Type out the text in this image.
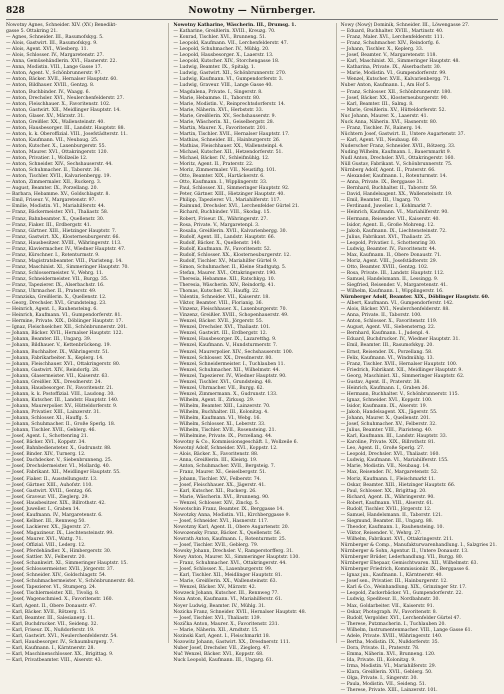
828	Nowotny — Nürnberger.
Nowotny Agnes, Schneider. XIV. (XV.) Benedikt-
gasse 5. Ottakring 21.
— Agnes, Schneider. III., Rasumofskyg. 5.
— Alois, Gastwirt. III., Rasumofskyg. 9.
— Alois, Agent. XVI., Wiesberg. 11.
— Alois, Schlosser. IV., Margaretenstr. 27.
— Anna, Gemüsehändlerin. XVI., Hasnerstr. 22.
— Anna, Modistin. VIII., Lange Gasse 17.
— Anton, Agent. V., Schönbrunnerstr. 97.
— Anton, Bäcker. XVII., Hernalser Hauptstr. 60.
— Anton, Bildhauer. XVIII., Gentzg. 8.
— Anton, Buchbinder. IV., Waagg. 6.
— Anton, Drechsler. XVI., Neulerchenfelderstr. 27.
— Anton, Fleischhauer. X., Favoritenstr. 102.
— Anton, Gastwirt. XII., Meidlinger Hauptstr. 14.
— Anton, Glaser. XV., Märzstr. 31.
— Anton, Greißler. XX., Wallensteinstr. 40.
— Anton, Hausbesorger. III., Landstr. Hauptstr. 88.
— Anton, k. k. Oberoffizial. VIII., Josefstädterstr. 11.
— Anton, Kaufmann. VII., Neubaug. 25.
— Anton, Kutscher. X., Laxenburgerstr. 55.
— Anton, Maurer. XVI., Ottakringerstr. 120.
— Anton, Privatier. I., Wollzeile 12.
— Anton, Schneider. XIV., Sechshauserstr. 44.
— Anton, Schuhmacher. II., Taborstr. 36.
— Anton, Tischler. XVII., Kalvarienbergg. 19.
— Anton, Zimmermaler. XII., Ruckerg. 3.
— August, Beamter. IX., Porzellang. 20.
— Barbara, Hebamme. XV., Goldschlagstr. 8.
— Emil, Friseur. V., Margaretenstr. 97.
— Emilie, Modistin. VI., Mariahilferstr. 44.
— Franz, Bäckermeister. XVI., Thaliastr. 58.
— Franz, Bahnbeamter. X., Quellenstr. 30.
— Franz, Fiaker. III., Erdbergstr. 41.
— Franz, Gärtner. XIII., Hietzinger Hauptstr. 7.
— Franz, Gastwirt. XX., Klosterneuburgerstr. 66.
— Franz, Hausbesitzer. XVIII., Währingerstr. 113.
— Franz, Klaviermacher. IV., Wiedner Hauptstr. 47.
— Franz, Kürschner. I., Rotenturmstr. 9.
— Franz, Magistratsbeamter. VIII., Piaristeng. 14.
— Franz, Maschinist. XI., Simmeringer Hauptstr. 70.
— Franz, Schlossermeister. V., Wehrg. 11.
— Franz, Schneidermeister. VII., Burgg. 35.
— Franz, Tapezierer. IX., Alserbachstr. 16.
— Franz, Uhrmacher. II., Praterstr. 49.
— Franziska, Greißlerin. X., Quellenstr. 12.
— Georg, Drechsler. XVI., Grundsteing. 23.
— Heinrich, Agent. I., Rauhensteing. 6.
— Heinrich, Kaufmann. VI., Gumpendorferstr. 81.
— Hermine, Private. XIX., Döblinger Hauptstr. 17.
— Ignaz, Fleischselcher. XII., Schönbrunnerstr. 201.
— Johann, Bäcker. XVII., Hernalser Hauptstr. 122.
— Johann, Beamter. III., Ungarg. 39.
— Johann, Bildhauer. V., Kettenbrückeng. 19.
— Johann, Buchhalter. IX., Währingerstr. 51.
— Johann, Fabrikarbeiter. X., Keplerg. 14.
— Johann, Fleischhauer. XVI., Ottakringerstr. 80.
— Johann, Gastwirt. XIV., Reindorfg. 28.
— Johann, Glasermeister. VII., Kaiserstr. 63.
— Johann, Greißler. XX., Dresdnerstr. 24.
— Johann, Hausbesorger. IV., Favoritenstr. 21.
— Johann, k. k. Postoffizial. VIII., Laudong. 30.
— Johann, Kutscher. III., Landstr. Hauptstr. 140.
— Johann, Maurerpolier. XV., Hütteldorferstr. 9.
— Johann, Privatier. XIII., Lainzerstr. 31.
— Johann, Schlosser. XI., Hauffg. 5.
— Johann, Schuhmacher. II., Große Sperlg. 18.
— Johann, Tischler. XVII., Geblerg. 46.
— Josef, Agent. I., Schottenring 21.
— Josef, Bäcker. XVI., Koppstr. 34.
— Josef, Bahnbediensteter. X., Gudrunstr. 88.
— Josef, Binder. XIV., Turnerg. 12.
— Josef, Dachdecker. V., Siebenbrunneng. 25.
— Josef, Drechslermeister. VI., Mollardg. 40.
— Josef, Fabrikant. XII., Meidlinger Hauptstr. 55.
— Josef, Fiaker. II., Ausstellungsstr. 13.
— Josef, Gärtner. XIII., Auhofstr. 110.
— Josef, Gastwirt. XVIII., Gentzg. 66.
— Josef, Graveur. VII., Zieglerg. 29.
— Josef, Hausbesitzer. XIX., Billrothstr. 42.
— Josef, Juwelier. I., Graben 14.
— Josef, Kaufmann. IV., Margaretenstr. 6.
— Josef, Kellner. III., Rennweg 50.
— Josef, Lackierer. XX., Jägerstr. 27.
— Josef, Magazineur. IX., Liechtensteinstr. 99.
— Josef, Maurer. XVI., Wattg. 71.
— Josef, Offizial. VIII., Lederg. 12.
— Josef, Pferdehändler. X., Himbergerstr. 30.
— Josef, Sattler. XV., Felberstr. 20.
— Josef, Schankwirt. XI., Simmeringer Hauptstr. 15.
— Josef, Schlossermeister. XVII., Jörgerstr. 37.
— Josef, Schneider. XIV., Goldschlagstr. 54.
— Josef, Schuhmachermeister. V., Schönbrunnerstr. 60.
— Josef, Tapezierer. VI., Stumperg. 24.
— Josef, Tischlermeister. XII., Tivolig. 8.
— Josef, Wagenschmied. X., Favoritenstr. 160.
— Karl, Agent. II., Obere Donaustr. 47.
— Karl, Bäcker. XVII., Rötzerg. 15.
— Karl, Beamter. III., Salesianerg. 11.
— Karl, Buchdrucker. VII., Seideng. 32.
— Karl, Friseur. IX., Nußdorferstr. 19.
— Karl, Gastwirt. XVI., Neulerchenfelderstr. 54.
— Karl, Hausbesorger. IV., Schaumburgerg. 7.
— Karl, Kaufmann. I., Kärntnerstr. 28.
— Karl, Maschinenschlosser. XX., Brigittag. 9.
— Karl, Privatbeamter. VIII., Alserstr. 43.
Nowotny Katharine, Wäscherin. III., Drumsg. 1.
— Katharine, Greißlerin. XVIII., Kreuzg. 70.
— Konrad, Tischler. XVI., Brunneng. 51.
— Leopold, Kaufmann. VII., Lerchenfelderstr. 47.
— Leopold, Schuhmacher. IV., Mühlg. 20.
— Leopold, Hausbesorger. X., Laaerstr. 13.
— Leopold, Kutscher. XIV., Storchengasse 18.
— Ludwig, Beamter. IX., Spitalg. 1.
— Ludwig, Gastwirt. XII., Schönbrunnerstr. 270.
— Ludwig, Kaufmann. VI., Gumpendorferstr. 3.
— Ludwig, Graveur. VIII., Lange Gasse 40.
— Magdalena, Private. I., Singerstr. 8.
— Marie, Hebamme. II., Taborstr. 80.
— Marie, Modistin. V., Reinprechtsdorferstr. 14.
— Marie, Näherin. XVI., Herbststr. 33.
— Marie, Greißlerin. XV., Sechshauserstr. 9.
— Marie, Wäscherin. XI., Geiselbergstr. 28.
— Martin, Maurer. X., Favoritenstr. 201.
— Martin, Tischler. XVII., Hernalser Hauptstr. 17.
— Mathias, Schneider. III., Hainburgerstr. 26.
— Mathias, Fleischhauer. XX., Wallensteinpl. 4.
— Michael, Kutscher. XII., Hetzendorferstr. 51.
— Michael, Bäcker. IV., Schleifmühlg. 12.
— Moritz, Agent. II., Praterstr. 22.
— Moriz, Zimmermaler. VII., Neustiftg. 101.
— Otto, Beamter. XIX., Hartäckerstr. 6.
— Otto, Kaufmann. I., Wipplingerstr. 33.
— Paul, Schlosser. XI., Simmeringer Hauptstr. 92.
— Peter, Gärtner. XIII., Hietzinger Hauptstr. 40.
— Philipp, Tapezierer. VI., Mariahilferstr. 117.
— Raimund, Drechsler. XVI., Lerchenfelder Gürtel 21.
— Richard, Buchbinder. VIII., Skodag. 15.
— Robert, Friseur. IX., Währingerstr. 27.
— Rosa, Private. V., Margaretenpl. 3.
— Rosalia, Greißlerin. XVII., Kalvarienbergg. 30.
— Rudolf, Agent. III., Landstr. Hauptstr. 66.
— Rudolf, Bäcker. X., Quellenstr. 140.
— Rudolf, Kaufmann. IV., Favoritenstr. 52.
— Rudolf, Schlosser. XX., Klosterneuburgerstr. 12.
— Rudolf, Tischler. XV., Mariahilfer Gürtel 9.
— Simon, Schuhmacher. II., Kleine Stadtgutg. 5.
— Stefan, Maurer. XVI., Ottakringerstr. 190.
— Theresia, Hebamme. XII., Ratschkyg. 10.
— Theresia, Wäscherin. XIV., Reindorfg. 41.
— Thomas, Kutscher. XI., Hauffg. 22.
— Valentin, Schneider. VII., Kaiserstr. 18.
— Viktor, Beamter. VIII., Florianig. 36.
— Vinzenz, Fleischhauer. X., Laxenburgerstr. 70.
— Vinzenz, Greißler. XVIII., Schopenhauerstr. 49.
— Wenzel, Bäcker. XVII., Jörgerstr. 55.
— Wenzel, Drechsler. XVI., Thaliastr. 101.
— Wenzel, Gastwirt. III., Erdbergstr. 12.
— Wenzel, Hausbesorger. IX., Lazaretthg. 9.
— Wenzel, Kaufmann. V., Hundsturmerstr. 7.
— Wenzel, Maurerpolier. XIV., Sechshauserstr. 100.
— Wenzel, Schlosser. XX., Dresdnerstr. 80.
— Wenzel, Schneidermeister. I., Tuchlauben 11.
— Wenzel, Schuhmacher. XII., Wilhelmstr. 44.
— Wenzel, Tapezierer. IV., Wiedner Hauptstr. 90.
— Wenzel, Tischler. XVI., Grundsteing. 48.
— Wenzel, Uhrmacher. VII., Burgg. 62.
— Wenzel, Zimmermann. X., Gudrunstr. 133.
— Wilhelm, Agent. II., Zirkusg. 29.
— Wilhelm, Beamter. XIII., Lainzerstr. 70.
— Wilhelm, Buchhalter. III., Kolonitzg. 4.
— Wilhelm, Kaufmann. VI., Webg. 16.
— Wilhelm, Schlosser. XI., Leberstr. 33.
— Wilhelm, Tischler. XVII., Rosensteing. 21.
— Wilhelmine, Private. IX., Porzellang. 44.
Nowotny & Co., Kommissionsgeschäft. I., Wollzeile 6.
Nowotný Adolf, Schneider. XVI., Koppstr. 12.
— Alois, Bäcker. X., Favoritenstr. 88.
— Anna, Greißlerin. III., Kleistg. 19.
— Anton, Schuhmacher. XVII., Bergsteig. 7.
— Franz, Maurer. XI., Geiselbergstr. 51.
— Johann, Tischler. XV., Felberstr. 74.
— Josef, Fleischhauer. XX., Jägerstr. 41.
— Karl, Kutscher. XII., Ruckerg. 26.
— Marie, Wäscherin. XVI., Brunneng. 90.
— Wenzel, Schlosser. XIV., Zinckg. 5.
Nowotschin Franz, Beamter. IX., Berggasse 14.
Nowotzky Anna, Modistin. VII., Kirchberggasse 9.
— Josef, Schneider. XVI., Hasnerstr. 117.
Nowotzny Karl, Agent. II., Obere Augartenstr. 20.
Nowozensky Franz, Bäcker. X., Quellenstr. 56.
Nowrath Anton, Kaufmann. I., Rotenturmstr. 25.
— Josef, Tischler. XVII., Geblerg. 79.
Nowsky Johann, Drechsler. V., Ramperstorfferg. 31.
Nowy Anton, Maurer. XI., Simmeringer Hauptstr. 130.
— Franz, Schuhmacher. XVI., Ottakringerstr. 44.
— Josef, Schlosser. X., Laxenburgerstr. 99.
— Karl, Tischler. XII., Meidlinger Hauptstr. 81.
— Marie, Greißlerin. XX., Wallensteinstr. 63.
— Wenzel, Bäcker. XV., Märzstr. 42.
Nowzeck Johann, Kutscher. III., Rennweg 77.
Noxa Anton, Kaufmann. VI., Mariahilferstr. 61.
Noyer Ludwig, Beamter. IV., Mühlg. 31.
Nozicka Franz, Schneider. XVII., Hernalser Hauptstr. 48.
— Josef, Tischler. XVI., Thaliastr. 139.
Nozička Anton, Maurer. X., Favoritenstr. 231.
— Marie, Näherin. XII., Arndtstr. 15.
Nozinski Karl, Agent. I., Fleischmarkt 18.
Nozowitz Johann, Gastwirt. XX., Dresdnerstr. 111.
Nuber Josef, Drechsler. VII., Zieglerg. 47.
Nuč Wenzel, Bäcker. XVI., Koppstr. 68.
Nuck Leopold, Kaufmann. III., Ungarg. 61.
Nowy (Nowý) Dominik, Schneider. III., Löwengasse 27.
— Eduard, Buchhalter. XVIII., Martinstr. 40.
— Franz, Maler. XVI., Lerchenfelderstr. 111.
— Franz, Schuhmacher. XIV., Reindorfg. 6.
— Johann, Tischler. X., Keplerg. 33.
— Josef, Beamter. V., Margaretenstr. 118.
— Karl, Maschinist. XI., Simmeringer Hauptstr. 48.
— Katharina, Private. IX., Alserbachstr. 30.
— Marie, Modistin. VI., Gumpendorferstr. 99.
— Wenzel, Kutscher. XVII., Kalvarienbergg. 71.
Nuber Anton, Kaufmann. I., Am Hof 5.
— Franz, Schlosser. XII., Schönbrunnerstr. 180.
— Josef, Bäcker. XX., Klosterneuburgerstr. 90.
— Karl, Beamter. III., Salmg. 8.
— Marie, Greißlerin. XV., Hütteldorferstr. 52.
Nuc Johann, Maurer. X., Laaerstr. 41.
Nuck Anna, Näherin. XVI., Hasnerstr. 80.
— Franz, Tischler. IV., Rainerg. 14.
Nüchtern Josef, Gastwirt. II., Untere Augartenstr. 37.
— Karl, Agent. VII., Neubaug. 60.
Nuderscher Franz, Schneider. XVII., Rötzerg. 33.
Nuding Wilhelm, Kaufmann. I., Bauernmarkt 9.
Nudl Anton, Drechsler. XVI., Ottakringerstr. 160.
Nüll Gustav, Fabrikant. V., Schönbrunnerstr. 75.
Nürnberg Adolf, Agent. II., Praterstr. 66.
— Alexander, Kaufmann. I., Rotenturmstr. 14.
— Anna, Private. IX., Berggasse 31.
— Bernhard, Buchhalter. II., Taborstr. 59.
— David, Handelsagent. XX., Wallensteinstr. 19.
— Emil, Beamter. III., Ungarg. 70.
— Ferdinand, Juwelier. I., Kohlmarkt 7.
— Heinrich, Kaufmann. VI., Mariahilferstr. 90.
— Hermann, Reisender. VII., Kaiserstr. 40.
— Isidor, Agent. II., Große Mohreng. 12.
— Jakob, Kaufmann. IX., Liechtensteinstr. 72.
— Julius, Fabrikant. XVI., Thaliastr. 25.
— Leopold, Privatier. I., Schottenring 30.
— Ludwig, Beamter. IV., Favoritenstr. 44.
— Max, Kaufmann. II., Obere Donaustr. 71.
— Moriz, Agent. VIII., Josefstädterstr. 29.
— Otto, Beamter. XVIII., Gentzg. 102.
— Rosa, Private. III., Landstr. Hauptstr. 112.
— Samuel, Handelsmann. II., Lessingg. 9.
— Siegfried, Reisender. V., Margaretenstr. 41.
— Wilhelm, Kaufmann. I., Wipplingerstr. 16.
Nürnberger Adolf, Beamter. XIX., Döblinger Hauptstr. 60.
— Albert, Kaufmann. VI., Gumpendorferstr. 142.
— Alois, Bäcker. XVI., Neulerchenfelderstr. 88.
— Anna, Private. II., Taborstr. 100.
— Anton, Schlosser. X., Favoritenstr. 119.
— August, Agent. VII., Siebensterng. 22.
— Bernhard, Kaufmann. I., Judenpl. 4.
— Eduard, Buchdrucker. IV., Wiedner Hauptstr. 31.
— Emil, Beamter. III., Rasumofskyg. 20.
— Ernst, Reisender. IX., Porzellang. 58.
— Felix, Kaufmann. VI., Windmühlg. 13.
— Franz, Tischler. XVII., Hernalser Hauptstr. 100.
— Friedrich, Fabrikant. XII., Meidlinger Hauptstr. 9.
— Georg, Maschinist. XI., Simmeringer Hauptstr. 62.
— Gustav, Agent. II., Praterstr. 38.
— Heinrich, Kaufmann. I., Graben 26.
— Hermann, Buchhalter. V., Schönbrunnerstr. 115.
— Ignaz, Schneider. XVI., Koppstr. 100.
— Isidor, Kaufmann. IX., Alserstr. 19.
— Jakob, Handelsagent. XX., Jägerstr. 55.
— Johann, Maurer. X., Quellenstr. 201.
— Josef, Schuhmacher. XV., Felberstr. 32.
— Julius, Beamter. VIII., Piaristeng. 40.
— Karl, Kaufmann. III., Landstr. Hauptstr. 33.
— Karoline, Private. XIX., Billrothstr. 81.
— Leo, Agent. II., Große Sperlg. 27.
— Leopold, Drechsler. XVI., Thaliastr. 160.
— Ludwig, Kaufmann. VI., Mariahilferstr. 155.
— Marie, Modistin. VII., Neubaug. 14.
— Max, Reisender. IV., Margaretenstr. 52.
— Moriz, Kaufmann. I., Fleischmarkt 11.
— Oskar, Beamter. XIII., Hietzinger Hauptstr. 66.
— Paul, Schlosser. XX., Brigittag. 20.
— Richard, Agent. IX., Währingerstr. 90.
— Robert, Kaufmann. VIII., Alserstr. 61.
— Rudolf, Tischler. XVII., Jörgerstr. 12.
— Samuel, Handelsmann. II., Taborstr. 121.
— Siegmund, Beamter. III., Ungarg. 88.
— Theodor, Kaufmann. I., Rauhensteing. 10.
— Viktor, Reisender. V., Wehrg. 27.
— Wilhelm, Fabrikant. XVI., Ottakringerstr. 211.
Nürnberger & Comp., Manufakturwarenhandlung. I., Salzgries 21.
Nürnberger & Sohn, Agentur. II., Untere Donaustr. 13.
Nürnberger Brüder, Lederhandlung. VII., Burgg. 80.
Nürnberger Ehepaar, Gemischtwaren. XII., Wilhelmstr. 63.
Nürnberger Friedrich, Kommissionär. IX., Berggasse 6.
— Ignaz jun., Kaufmann. I., Kärntnerstr. 40.
— Josef sen., Privatier. III., Hainburgerstr. 12.
— Karl & Co., Weinhandlung. XIX., Grinzinger Str. 17.
— Leopold, Zuckerbäcker. VI., Gumpendorferstr. 22.
— Ludwig, Spediteur. II., Nordbahnstr. 30.
— Max, Goldarbeiter. VII., Kaiserstr. 91.
— Oskar, Photograph. IV., Favoritenstr. 8.
— Rudolf, Vergolder. XVI., Lerchenfelder Gürtel 47.
— Therese, Putzmacherin. I., Tuchlauben 20.
— Wilhelm, Instrumentenmacher. VIII., Lange Gasse 61.
— Adele, Private. XVIII., Währingerstr. 140.
— Bertha, Modistin. IX., Nußdorferstr. 35.
— Dora, Private. II., Praterstr. 78.
— Emma, Näherin. XVI., Brunneng. 120.
— Ida, Private. III., Kolonitzg. 9.
— Irma, Modistin. VI., Mariahilferstr. 29.
— Klara, Greißlerin. XVII., Geblerg. 50.
— Olga, Private. I., Singerstr. 30.
— Paula, Modistin. VII., Seideng. 51.
— Therese, Private. XIII., Lainzerstr. 101.
